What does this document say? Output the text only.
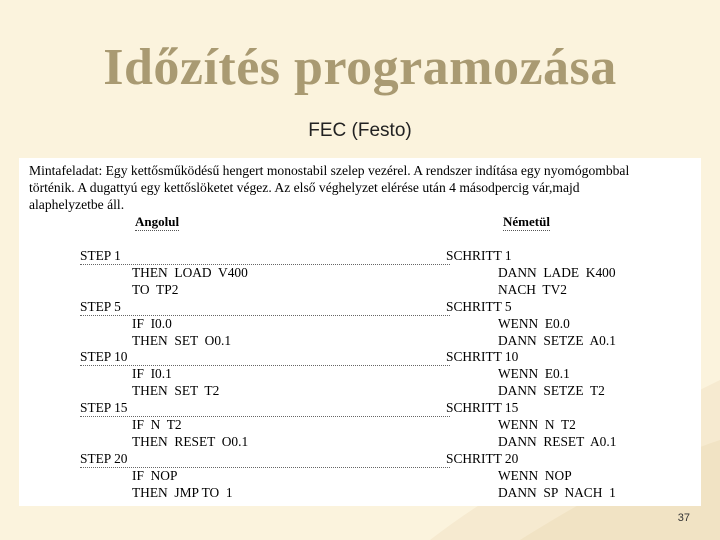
Időzítés programozása
FEC (Festo)
Mintafeladat: Egy kettősműködésű hengert monostabil szelep vezérel. A rendszer indítása egy nyomógombbal
történik. A dugattyú egy kettőslöketet végez. Az első véghelyzet elérése után 4 másodpercig vár,majd
alaphelyzetbe áll.
Angolul	Németül
STEP 1	SCHRITT 1
THEN  LOAD  V400	DANN  LADE  K400
TO  TP2	NACH  TV2
STEP 5	SCHRITT 5
IF  I0.0	WENN  E0.0
THEN  SET  O0.1	DANN  SETZE  A0.1
STEP 10	SCHRITT 10
IF  I0.1	WENN  E0.1
THEN  SET  T2	DANN  SETZE  T2
STEP 15	SCHRITT 15
IF  N  T2	WENN  N  T2
THEN  RESET  O0.1	DANN  RESET  A0.1
STEP 20	SCHRITT 20
IF  NOP	WENN  NOP
THEN  JMP TO  1	DANN  SP  NACH  1
37
